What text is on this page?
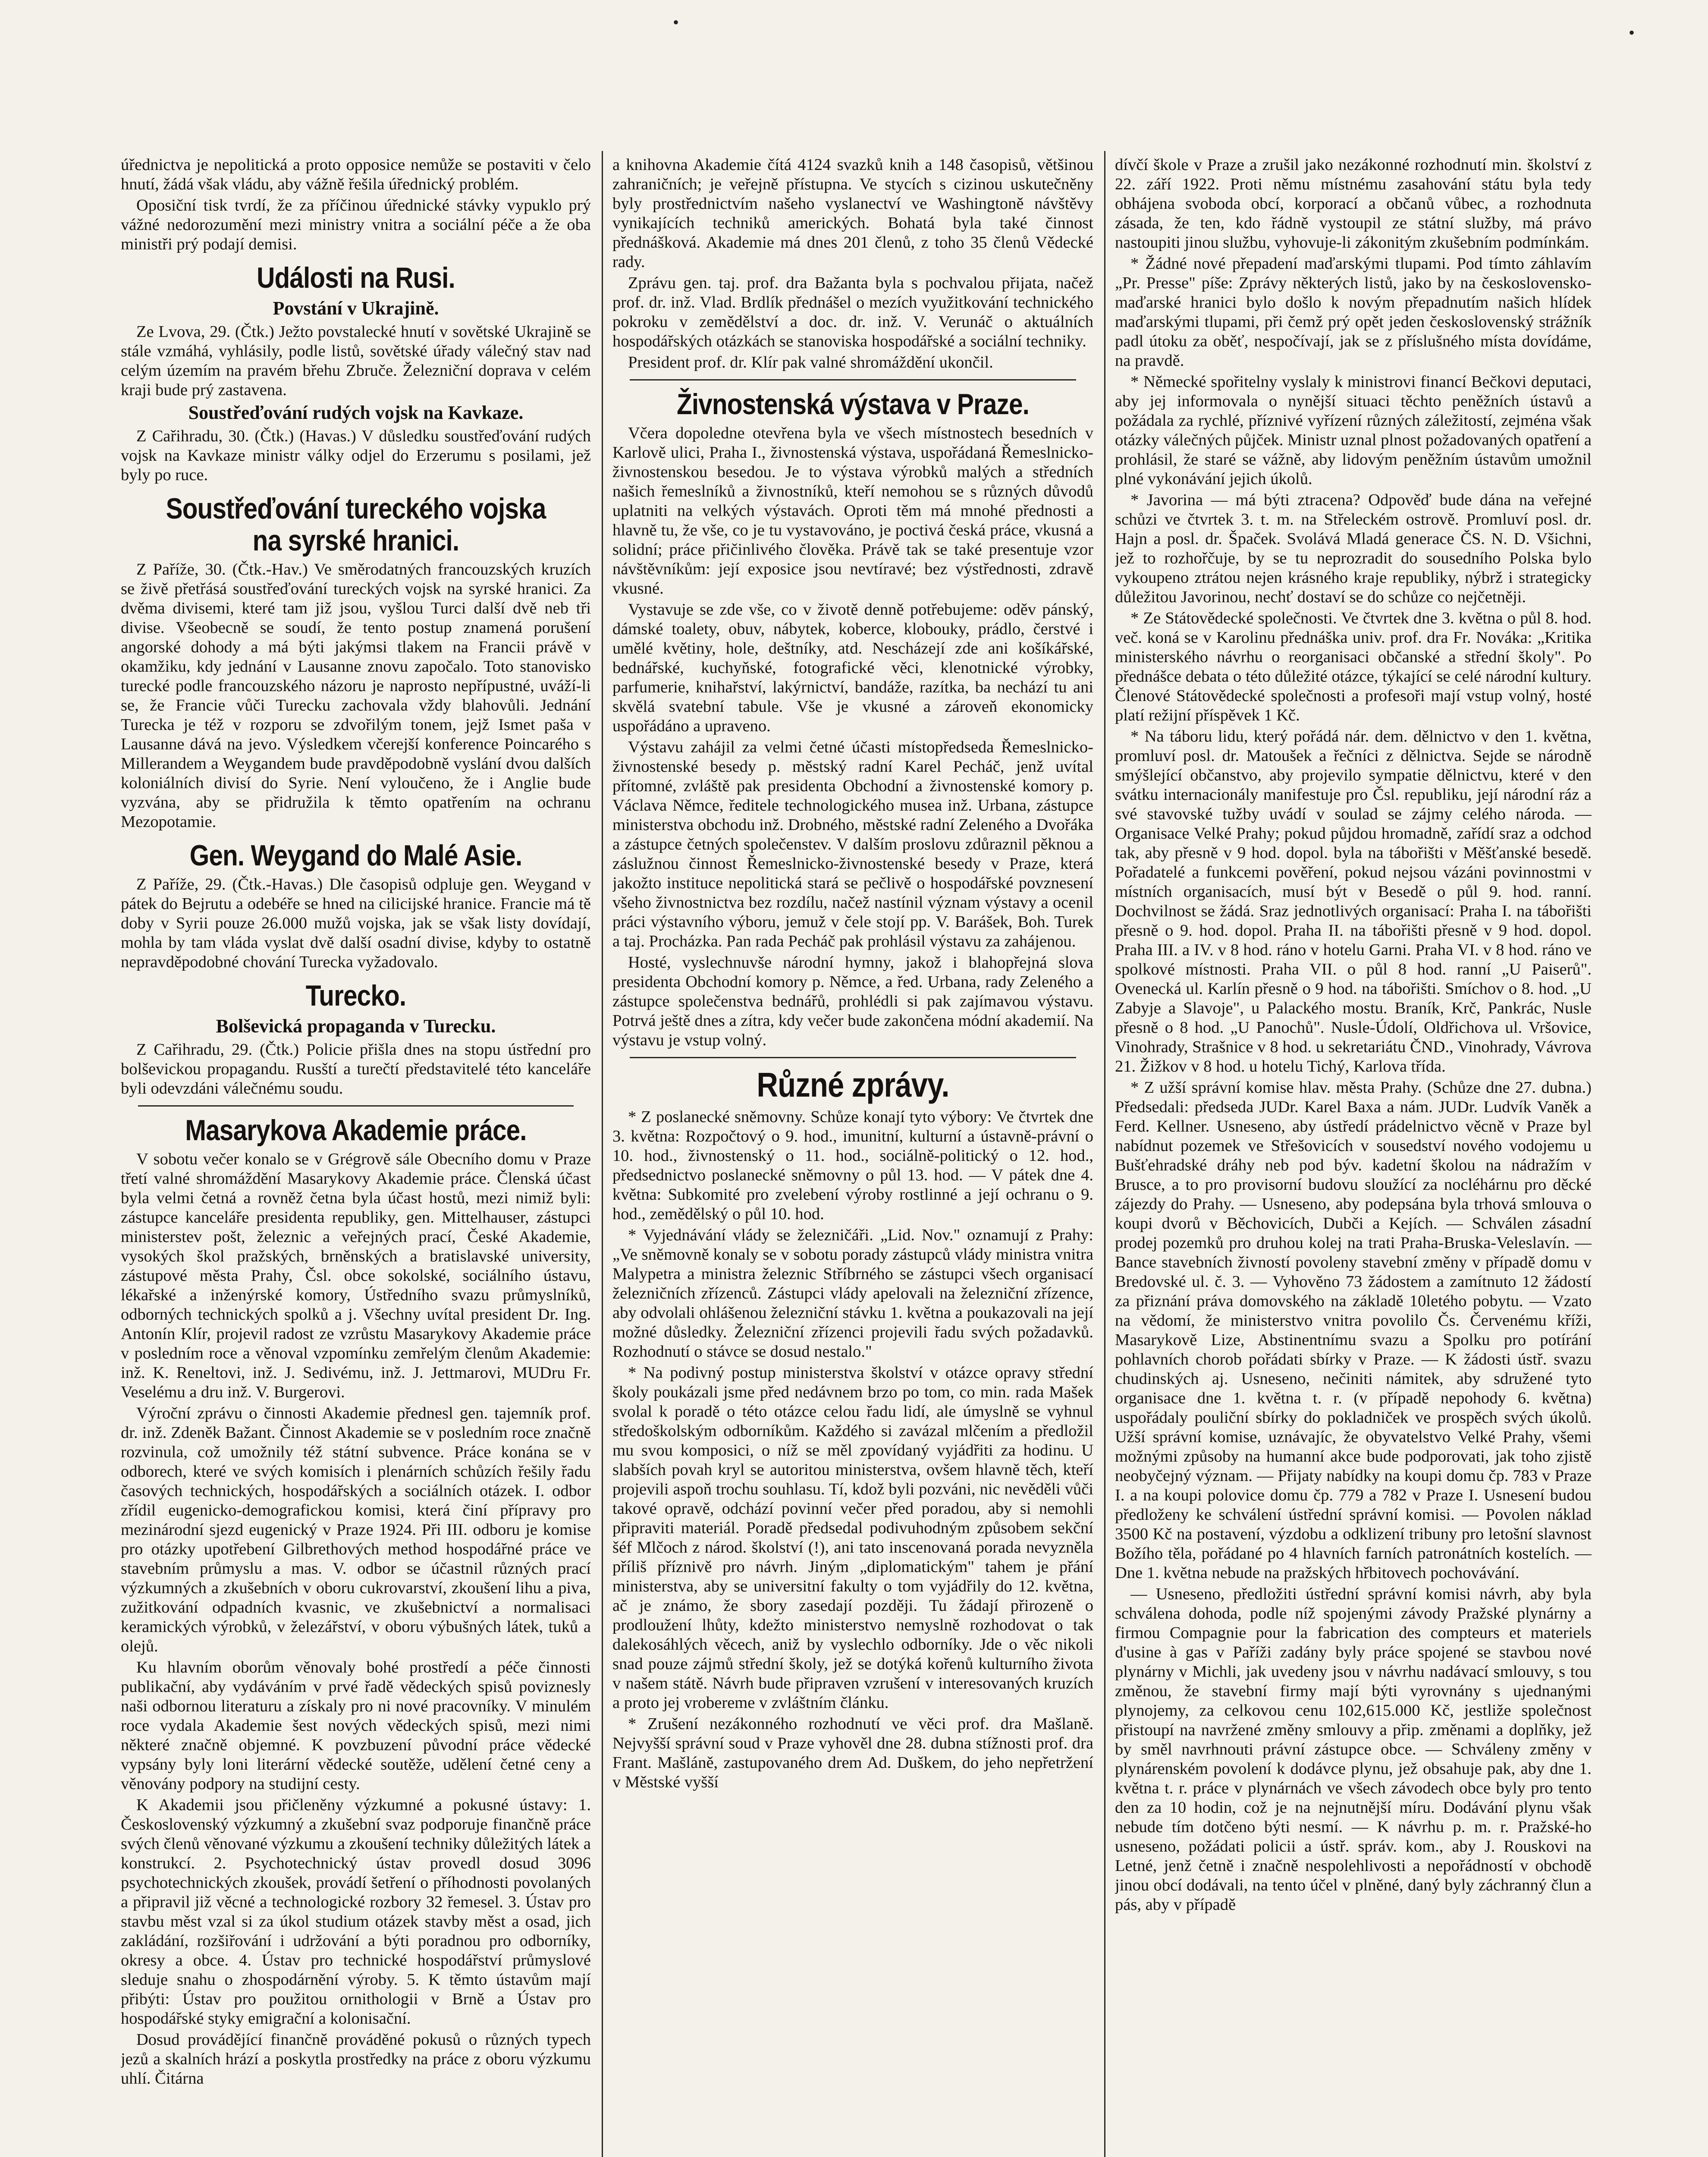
•
•

úřednictva je nepolitická a proto opposice nemůže se postaviti v čelo hnutí, žádá však vládu, aby vážně řešila úřednický problém.

Oposiční tisk tvrdí, že za příčinou úřednické stávky vypuklo prý vážné nedorozumění mezi ministry vnitra a sociální péče a že oba ministři prý podají demisi.

Události na Rusi.
Povstání v Ukrajině.

Ze Lvova, 29. (Čtk.) Ježto povstalecké hnutí v sovětské Ukrajině se stále vzmáhá, vyhlásily, podle listů, sovětské úřady válečný stav nad celým územím na pravém břehu Zbruče. Železniční doprava v celém kraji bude prý zastavena.

Soustřeďování rudých vojsk na Kavkaze.

Z Cařihradu, 30. (Čtk.) (Havas.) V důsledku soustřeďování rudých vojsk na Kavkaze ministr války odjel do Erzerumu s posilami, jež byly po ruce.

Soustřeďování tureckého vojska na syrské hranici.

Z Paříže, 30. (Čtk.-Hav.) Ve směrodatných francouzských kruzích se živě přetřásá soustřeďování tureckých vojsk na syrské hranici. Za dvěma divisemi, které tam již jsou, vyšlou Turci další dvě neb tři divise. Všeobecně se soudí, že tento postup znamená porušení angorské dohody a má býti jakýmsi tlakem na Francii právě v okamžiku, kdy jednání v Lausanne znovu započalo. Toto stanovisko turecké podle francouzského názoru je naprosto nepřípustné, uváží-li se, že Francie vůči Turecku zachovala vždy blahovůli. Jednání Turecka je též v rozporu se zdvořilým tonem, jejž Ismet paša v Lausanne dává na jevo. Výsledkem včerejší konference Poincarého s Millerandem a Weygandem bude pravděpodobně vyslání dvou dalších koloniálních divisí do Syrie. Není vyloučeno, že i Anglie bude vyzvána, aby se přidružila k těmto opatřením na ochranu Mezopotamie.

Gen. Weygand do Malé Asie.

Z Paříže, 29. (Čtk.-Havas.) Dle časopisů odpluje gen. Weygand v pátek do Bejrutu a odebéře se hned na cilicijské hranice. Francie má tě doby v Syrii pouze 26.000 mužů vojska, jak se však listy dovídají, mohla by tam vláda vyslat dvě další osadní divise, kdyby to ostatně nepravděpodobné chování Turecka vyžadovalo.

Turecko.
Bolševická propaganda v Turecku.

Z Cařihradu, 29. (Čtk.) Policie přišla dnes na stopu ústřední pro bolševickou propagandu. Rusští a turečtí představitelé této kanceláře byli odevzdáni válečnému soudu.

Masarykova Akademie práce.

V sobotu večer konalo se v Grégrově sále Obecního domu v Praze třetí valné shromáždění Masarykovy Akademie práce. Členská účast byla velmi četná a rovněž četna byla účast hostů, mezi nimiž byli: zástupce kanceláře presidenta republiky, gen. Mittelhauser, zástupci ministerstev pošt, železnic a veřejných prací, České Akademie, vysokých škol pražských, brněnských a bratislavské university, zástupové města Prahy, Čsl. obce sokolské, sociálního ústavu, lékařské a inženýrské komory, Ústředního svazu průmyslníků, odborných technických spolků a j. Všechny uvítal president Dr. Ing. Antonín Klír, projevil radost ze vzrůstu Masarykovy Akademie práce v posledním roce a věnoval vzpomínku zemřelým členům Akademie: inž. K. Reneltovi, inž. J. Sedivému, inž. J. Jettmarovi, MUDru Fr. Veselému a dru inž. V. Burgerovi.

Výroční zprávu o činnosti Akademie přednesl gen. tajemník prof. dr. inž. Zdeněk Bažant. Činnost Akademie se v posledním roce značně rozvinula, což umožnily též státní subvence. Práce konána se v odborech, které ve svých komisích i plenárních schůzích řešily řadu časových technických, hospodářských a sociálních otázek. I. odbor zřídil eugenicko-demografickou komisi, která činí přípravy pro mezinárodní sjezd eugenický v Praze 1924. Při III. odboru je komise pro otázky upotřebení Gilbrethových method hospodářné práce ve stavebním průmyslu a mas. V. odbor se účastnil různých prací výzkumných a zkušebních v oboru cukrovarství, zkoušení lihu a piva, zužitkování odpadních kvasnic, ve zkušebnictví a normalisaci keramických výrobků, v železářství, v oboru výbušných látek, tuků a olejů.

Ku hlavním oborům věnovaly bohé prostředí a péče činnosti publikační, aby vydáváním v prvé řadě vědeckých spisů poviznesly naši odbornou literaturu a získaly pro ni nové pracovníky. V minulém roce vydala Akademie šest nových vědeckých spisů, mezi nimi některé značně objemné. K povzbuzení původní práce vědecké vypsány byly loni literární vědecké soutěže, udělení četné ceny a věnovány podpory na studijní cesty.

K Akademii jsou přičleněny výzkumné a pokusné ústavy: 1. Československý výzkumný a zkušební svaz podporuje finančně práce svých členů věnované výzkumu a zkoušení techniky důležitých látek a konstrukcí. 2. Psychotechnický ústav provedl dosud 3096 psychotechnických zkoušek, provádí šetření o příhodnosti povolaných a připravil již věcné a technologické rozbory 32 řemesel. 3. Ústav pro stavbu měst vzal si za úkol studium otázek stavby měst a osad, jich zakládání, rozšiřování i udržování a býti poradnou pro odborníky, okresy a obce. 4. Ústav pro technické hospodářství průmyslové sleduje snahu o zhospodárnění výroby. 5. K těmto ústavům mají přibýti: Ústav pro použitou ornithologii v Brně a Ústav pro hospodářské styky emigrační a kolonisační.

Dosud provádějící finančně prováděné pokusů o různých typech jezů a skalních hrází a poskytla prostředky na práce z oboru výzkumu uhlí. Čitárna

a knihovna Akademie čítá 4124 svazků knih a 148 časopisů, většinou zahraničních; je veřejně přístupna. Ve stycích s cizinou uskutečněny byly prostřednictvím našeho vyslanectví ve Washingtoně návštěvy vynikajících techniků amerických. Bohatá byla také činnost přednášková. Akademie má dnes 201 členů, z toho 35 členů Vědecké rady.

Zprávu gen. taj. prof. dra Bažanta byla s pochvalou přijata, načež prof. dr. inž. Vlad. Brdlík přednášel o mezích využitkování technického pokroku v zemědělství a doc. dr. inž. V. Verunáč o aktuálních hospodářských otázkách se stanoviska hospodářské a sociální techniky.

President prof. dr. Klír pak valné shromáždění ukončil.

Živnostenská výstava v Praze.

Včera dopoledne otevřena byla ve všech místnostech besedních v Karlově ulici, Praha I., živnostenská výstava, uspořádaná Řemeslnicko-živnostenskou besedou. Je to výstava výrobků malých a středních našich řemeslníků a živnostníků, kteří nemohou se s různých důvodů uplatniti na velkých výstavách. Oproti těm má mnohé přednosti a hlavně tu, že vše, co je tu vystavováno, je poctivá česká práce, vkusná a solidní; práce přičinlivého člověka. Právě tak se také presentuje vzor návštěvníkům: její exposice jsou nevtíravé; bez výstřednosti, zdravě vkusné.

Vystavuje se zde vše, co v životě denně potřebujeme: oděv pánský, dámské toalety, obuv, nábytek, koberce, klobouky, prádlo, čerstvé i umělé květiny, hole, deštníky, atd. Nescházejí zde ani košíkářské, bednářské, kuchyňské, fotografické věci, klenotnické výrobky, parfumerie, knihařství, lakýrnictví, bandáže, razítka, ba nechází tu ani skvělá svatební tabule. Vše je vkusné a zároveň ekonomicky uspořádáno a upraveno.

Výstavu zahájil za velmi četné účasti místopředseda Řemeslnicko-živnostenské besedy p. městský radní Karel Pecháč, jenž uvítal přítomné, zvláště pak presidenta Obchodní a živnostenské komory p. Václava Němce, ředitele technologického musea inž. Urbana, zástupce ministerstva obchodu inž. Drobného, městské radní Zeleného a Dvořáka a zástupce četných společenstev. V dalším proslovu zdůraznil pěknou a záslužnou činnost Řemeslnicko-živnostenské besedy v Praze, která jakožto instituce nepolitická stará se pečlivě o hospodářské povznesení všeho živnostnictva bez rozdílu, načež nastínil význam výstavy a ocenil práci výstavního výboru, jemuž v čele stojí pp. V. Barášek, Boh. Turek a taj. Procházka. Pan rada Pecháč pak prohlásil výstavu za zahájenou.

Hosté, vyslechnuvše národní hymny, jakož i blahopřejná slova presidenta Obchodní komory p. Němce, a řed. Urbana, rady Zeleného a zástupce společenstva bednářů, prohlédli si pak zajímavou výstavu. Potrvá ještě dnes a zítra, kdy večer bude zakončena módní akademií. Na výstavu je vstup volný.

Různé zprávy.

* Z poslanecké sněmovny. Schůze konají tyto výbory: Ve čtvrtek dne 3. května: Rozpočtový o 9. hod., imunitní, kulturní a ústavně-právní o 10. hod., živnostenský o 11. hod., sociálně-politický o 12. hod., předsednictvo poslanecké sněmovny o půl 13. hod. — V pátek dne 4. května: Subkomité pro zvelebení výroby rostlinné a její ochranu o 9. hod., zemědělský o půl 10. hod.

* Vyjednávání vlády se železničáři. „Lid. Nov." oznamují z Prahy: „Ve sněmovně konaly se v sobotu porady zástupců vlády ministra vnitra Malypetra a ministra železnic Stříbrného se zástupci všech organisací železničních zřízenců. Zástupci vlády apelovali na železniční zřízence, aby odvolali ohlášenou železniční stávku 1. května a poukazovali na její možné důsledky. Železniční zřízenci projevili řadu svých požadavků. Rozhodnutí o stávce se dosud nestalo."

* Na podivný postup ministerstva školství v otázce opravy střední školy poukázali jsme před nedávnem brzo po tom, co min. rada Mašek svolal k poradě o této otázce celou řadu lidí, ale úmyslně se vyhnul středoškolským odborníkům. Každého si zavázal mlčením a předložil mu svou komposici, o níž se měl zpovídaný vyjádřiti za hodinu. U slabších povah kryl se autoritou ministerstva, ovšem hlavně těch, kteří projevili aspoň trochu souhlasu. Tí, kdož byli pozváni, nic nevěděli vůči takové opravě, odchází povinní večer před poradou, aby si nemohli připraviti materiál. Poradě předsedal podivuhodným způsobem sekční šéf Mlčoch z národ. školství (!), ani tato inscenovaná porada nevyzněla příliš příznivě pro návrh. Jiným „diplomatickým" tahem je přání ministerstva, aby se universitní fakulty o tom vyjádřily do 12. května, ač je známo, že sbory zasedají později. Tu žádají přirozeně o prodloužení lhůty, kdežto ministerstvo nemyslně rozhodovat o tak dalekosáhlých věcech, aniž by vyslechlo odborníky. Jde o věc nikoli snad pouze zájmů střední školy, jež se dotýká kořenů kulturního života v našem státě. Návrh bude připraven vzrušení v interesovaných kruzích a proto jej vrobereme v zvláštním článku.

* Zrušení nezákonného rozhodnutí ve věci prof. dra Mašlaně. Nejvyšší správní soud v Praze vyhověl dne 28. dubna stížnosti prof. dra Frant. Mašláně, zastupovaného drem Ad. Duškem, do jeho nepřetržení v Městské vyšší

dívčí škole v Praze a zrušil jako nezákonné rozhodnutí min. školství z 22. září 1922. Proti němu místnému zasahování státu byla tedy obhájena svoboda obcí, korporací a občanů vůbec, a rozhodnuta zásada, že ten, kdo řádně vystoupil ze státní služby, má právo nastoupiti jinou službu, vyhovuje-li zákonitým zkušebním podmínkám.

* Žádné nové přepadení maďarskými tlupami. Pod tímto záhlavím „Pr. Presse" píše: Zprávy některých listů, jako by na československo-maďarské hranici bylo došlo k novým přepadnutím našich hlídek maďarskými tlupami, při čemž prý opět jeden československý strážník padl útoku za oběť, nespočívají, jak se z příslušného místa dovídáme, na pravdě.

* Německé spořitelny vyslaly k ministrovi financí Bečkovi deputaci, aby jej informovala o nynější situaci těchto peněžních ústavů a požádala za rychlé, příznivé vyřízení různých záležitostí, zejména však otázky válečných půjček. Ministr uznal plnost požadovaných opatření a prohlásil, že staré se vážně, aby lidovým peněžním ústavům umožnil plné vykonávání jejich úkolů.

* Javorina — má býti ztracena? Odpověď bude dána na veřejné schůzi ve čtvrtek 3. t. m. na Střeleckém ostrově. Promluví posl. dr. Hajn a posl. dr. Špaček. Svolává Mladá generace ČS. N. D. Všichni, jež to rozhořčuje, by se tu neprozradit do sousedního Polska bylo vykoupeno ztrátou nejen krásného kraje republiky, nýbrž i strategicky důležitou Javorinou, nechť dostaví se do schůze co nejčetněji.

* Ze Státovědecké společnosti. Ve čtvrtek dne 3. května o půl 8. hod. več. koná se v Karolinu přednáška univ. prof. dra Fr. Nováka: „Kritika ministerského návrhu o reorganisaci občanské a střední školy". Po přednášce debata o této důležité otázce, týkající se celé národní kultury. Členové Státovědecké společnosti a profesoři mají vstup volný, hosté platí režijní příspěvek 1 Kč.

* Na táboru lidu, který pořádá nár. dem. dělnictvo v den 1. května, promluví posl. dr. Matoušek a řečníci z dělnictva. Sejde se národně smýšlející občanstvo, aby projevilo sympatie dělnictvu, které v den svátku internacionály manifestuje pro Čsl. republiku, její národní ráz a své stavovské tužby uvádí v soulad se zájmy celého národa. — Organisace Velké Prahy; pokud půjdou hromadně, zařídí sraz a odchod tak, aby přesně v 9 hod. dopol. byla na tábořišti v Měšťanské besedě. Pořadatelé a funkcemi pověření, pokud nejsou vázáni povinnostmi v místních organisacích, musí být v Besedě o půl 9. hod. ranní. Dochvilnost se žádá. Sraz jednotlivých organisací: Praha I. na tábořišti přesně o 9. hod. dopol. Praha II. na tábořišti přesně v 9 hod. dopol. Praha III. a IV. v 8 hod. ráno v hotelu Garni. Praha VI. v 8 hod. ráno ve spolkové místnosti. Praha VII. o půl 8 hod. ranní „U Paiserů". Ovenecká ul. Karlín přesně o 9 hod. na tábořišti. Smíchov o 8. hod. „U Zabyje a Slavoje", u Palackého mostu. Braník, Krč, Pankrác, Nusle přesně o 8 hod. „U Panochů". Nusle-Údolí, Oldřichova ul. Vršovice, Vinohrady, Strašnice v 8 hod. u sekretariátu ČND., Vinohrady, Vávrova 21. Žižkov v 8 hod. u hotelu Tichý, Karlova třída.

* Z užší správní komise hlav. města Prahy. (Schůze dne 27. dubna.) Předsedali: předseda JUDr. Karel Baxa a nám. JUDr. Ludvík Vaněk a Ferd. Kellner. Usneseno, aby ústředí prádelnictvo věcně v Praze byl nabídnut pozemek ve Střešovicích v sousedství nového vodojemu u Bušťehradské dráhy neb pod býv. kadetní školou na nádražím v Brusce, a to pro provisorní budovu sloužící za nocléhárnu pro děcké zájezdy do Prahy. — Usneseno, aby podepsána byla trhová smlouva o koupi dvorů v Běchovicích, Dubči a Kejích. — Schválen zásadní prodej pozemků pro druhou kolej na trati Praha-Bruska-Veleslavín. — Bance stavebních živností povoleny stavební změny v případě domu v Bredovské ul. č. 3. — Vyhověno 73 žádostem a zamítnuto 12 žádostí za přiznání práva domovského na základě 10letého pobytu. — Vzato na vědomí, že ministerstvo vnitra povolilo Čs. Červenému kříži, Masarykově Lize, Abstinentnímu svazu a Spolku pro potírání pohlavních chorob pořádati sbírky v Praze. — K žádosti ústř. svazu chudinských aj. Usneseno, nečiniti námitek, aby sdružené tyto organisace dne 1. května t. r. (v případě nepohody 6. května) uspořádaly pouliční sbírky do pokladniček ve prospěch svých úkolů. Užší správní komise, uznávajíc, že obyvatelstvo Velké Prahy, všemi možnými způsoby na humanní akce bude podporovati, jak toho zjistě neobyčejný význam. — Přijaty nabídky na koupi domu čp. 783 v Praze I. a na koupi polovice domu čp. 779 a 782 v Praze I. Usnesení budou předloženy ke schválení ústřední správní komisi. — Povolen náklad 3500 Kč na postavení, výzdobu a odklizení tribuny pro letošní slavnost Božího těla, pořádané po 4 hlavních farních patronátních kostelích. — Dne 1. května nebude na pražských hřbitovech pochovávání.

— Usneseno, předložiti ústřední správní komisi návrh, aby byla schválena dohoda, podle níž spojenými závody Pražské plynárny a firmou Compagnie pour la fabrication des compteurs et materiels d'usine à gas v Paříži zadány byly práce spojené se stavbou nové plynárny v Michli, jak uvedeny jsou v návrhu nadávací smlouvy, s tou změnou, že stavební firmy mají býti vyrovnány s ujednanými plynojemy, za celkovou cenu 102,615.000 Kč, jestliže společnost přistoupí na navržené změny smlouvy a přip. změnami a doplňky, jež by směl navrhnouti právní zástupce obce. — Schváleny změny v plynárenském povolení k dodávce plynu, jež obsahuje pak, aby dne 1. května t. r. práce v plynárnách ve všech závodech obce byly pro tento den za 10 hodin, což je na nejnutnější míru. Dodávání plynu však nebude tím dotčeno býti nesmí. — K návrhu p. m. r. Pražské-ho usneseno, požádati policii a ústř. správ. kom., aby J. Rouskovi na Letné, jenž četně i značně nespolehlivosti a nepořádností v obchodě jinou obcí dodávali, na tento účel v plněné, daný byly záchranný člun a pás, aby v případě
